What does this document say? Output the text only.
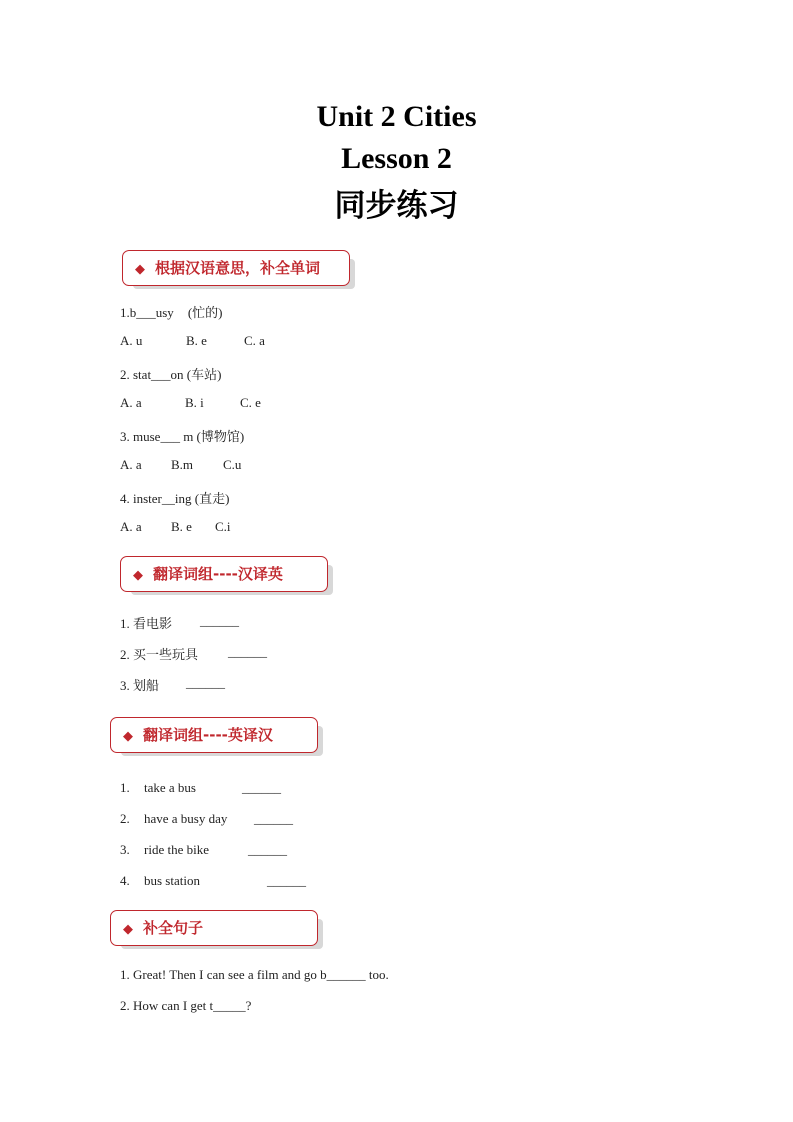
Unit 2 Cities
Lesson 2
同步练习
◆ 根据汉语意思，补全单词
1.b___usy (忙的)
A. u	B. e	C. a
2. stat___on (车站)
A. a	B. i	C. e
3. muse___ m (博物馆)
A. a B.m C.u
4. inster__ing (直走)
A. a B. e C.i
◆ 翻译词组----汉译英
1. 看电影 ______
2. 买一些玩具 ______
3. 划船 ______
◆ 翻译词组----英译汉
1. take a bus	______
2. have a busy day ______
3. ride the bike	______
4. bus station	______
◆ 补全句子
1. Great! Then I can see a film and go b______ too.
2. How can I get t_____?
